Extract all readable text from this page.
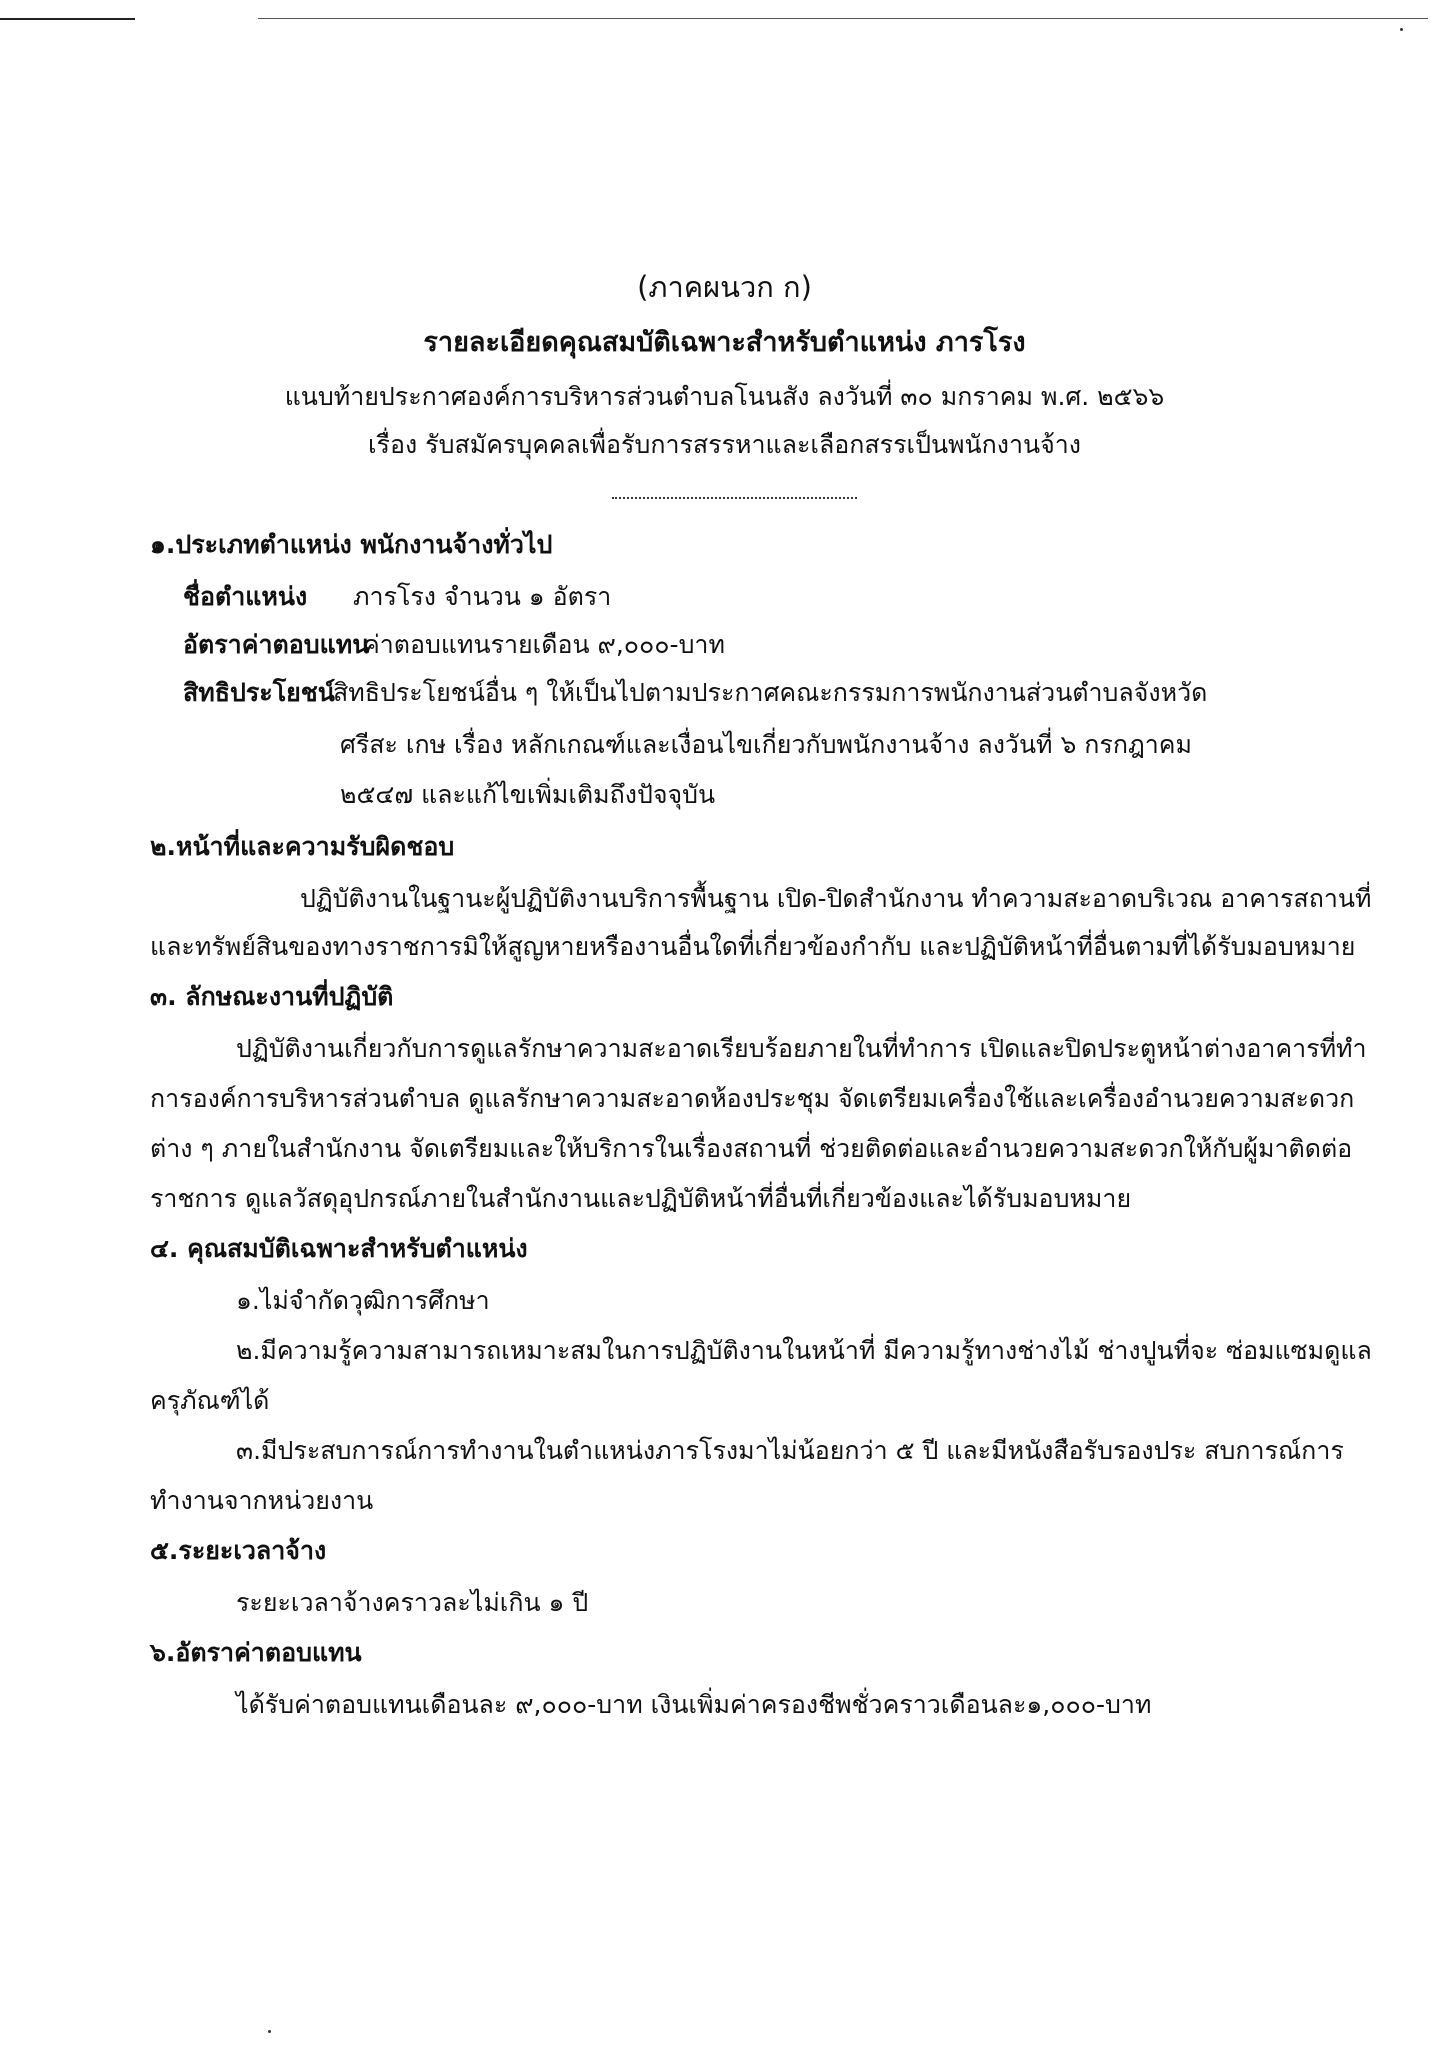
(ภาคผนวก ก)
รายละเอียดคุณสมบัติเฉพาะสำหรับตำแหน่ง ภารโรง
แนบท้ายประกาศองค์การบริหารส่วนตำบลโนนสัง ลงวันที่ ๓๐ มกราคม พ.ศ. ๒๕๖๖
เรื่อง รับสมัครบุคคลเพื่อรับการสรรหาและเลือกสรรเป็นพนักงานจ้าง
๑.ประเภทตำแหน่ง พนักงานจ้างทั่วไป
ชื่อตำแหน่ง ภารโรง จำนวน ๑ อัตรา
อัตราค่าตอบแทนค่าตอบแทนรายเดือน ๙,๐๐๐-บาท
สิทธิประโยชน์สิทธิประโยชน์อื่น ๆ ให้เป็นไปตามประกาศคณะกรรมการพนักงานส่วนตำบลจังหวัด
ศรีสะ เกษ เรื่อง หลักเกณฑ์และเงื่อนไขเกี่ยวกับพนักงานจ้าง ลงวันที่ ๖ กรกฎาคม
๒๕๔๗ และแก้ไขเพิ่มเติมถึงปัจจุบัน
๒.หน้าที่และความรับผิดชอบ
ปฏิบัติงานในฐานะผู้ปฏิบัติงานบริการพื้นฐาน เปิด-ปิดสำนักงาน ทำความสะอาดบริเวณ อาคารสถานที่
และทรัพย์สินของทางราชการมิให้สูญหายหรืองานอื่นใดที่เกี่ยวข้องกำกับ และปฏิบัติหน้าที่อื่นตามที่ได้รับมอบหมาย
๓. ลักษณะงานที่ปฏิบัติ
ปฏิบัติงานเกี่ยวกับการดูแลรักษาความสะอาดเรียบร้อยภายในที่ทำการ เปิดและปิดประตูหน้าต่างอาคารที่ทำ
การองค์การบริหารส่วนตำบล ดูแลรักษาความสะอาดห้องประชุม จัดเตรียมเครื่องใช้และเครื่องอำนวยความสะดวก
ต่าง ๆ ภายในสำนักงาน จัดเตรียมและให้บริการในเรื่องสถานที่ ช่วยติดต่อและอำนวยความสะดวกให้กับผู้มาติดต่อ
ราชการ ดูแลวัสดุอุปกรณ์ภายในสำนักงานและปฏิบัติหน้าที่อื่นที่เกี่ยวข้องและได้รับมอบหมาย
๔. คุณสมบัติเฉพาะสำหรับตำแหน่ง
๑.ไม่จำกัดวุฒิการศึกษา
๒.มีความรู้ความสามารถเหมาะสมในการปฏิบัติงานในหน้าที่ มีความรู้ทางช่างไม้ ช่างปูนที่จะ ซ่อมแซมดูแล
ครุภัณฑ์ได้
๓.มีประสบการณ์การทำงานในตำแหน่งภารโรงมาไม่น้อยกว่า ๕ ปี และมีหนังสือรับรองประ สบการณ์การ
ทำงานจากหน่วยงาน
๕.ระยะเวลาจ้าง
ระยะเวลาจ้างคราวละไม่เกิน ๑ ปี
๖.อัตราค่าตอบแทน
ได้รับค่าตอบแทนเดือนละ ๙,๐๐๐-บาท เงินเพิ่มค่าครองชีพชั่วคราวเดือนละ๑,๐๐๐-บาท
